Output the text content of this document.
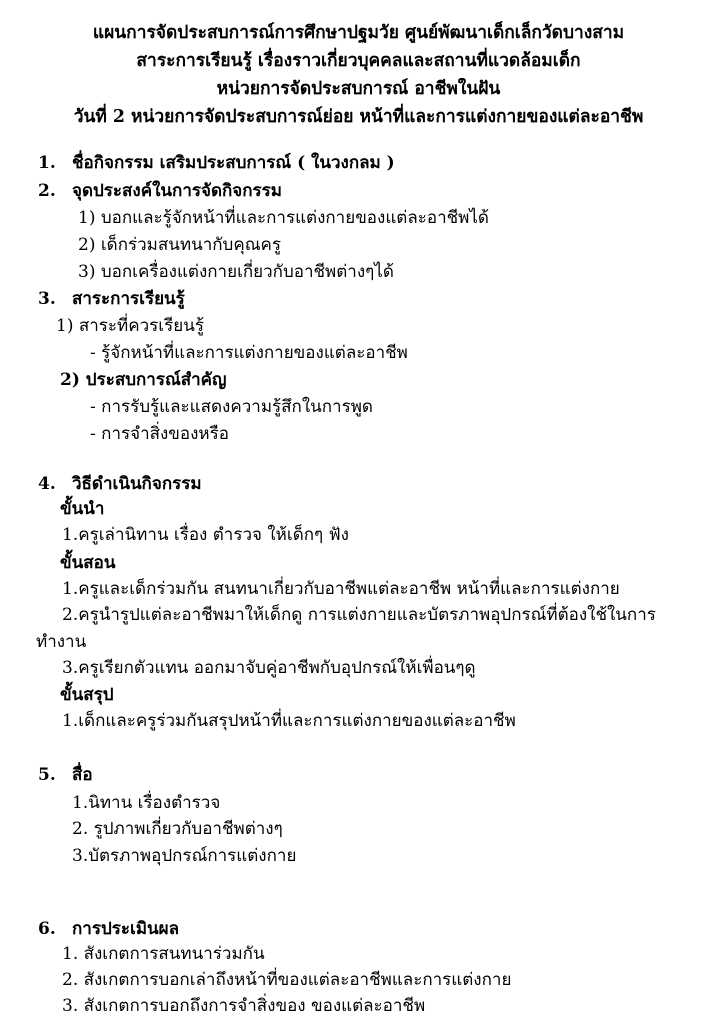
แผนการจัดประสบการณ์การศึกษาปฐมวัย ศูนย์พัฒนาเด็กเล็กวัดบางสาม
สาระการเรียนรู้ เรื่องราวเกี่ยวบุคคลและสถานที่แวดล้อมเด็ก
หน่วยการจัดประสบการณ์ อาชีพในฝัน
วันที่ 2 หน่วยการจัดประสบการณ์ย่อย หน้าที่และการแต่งกายของแต่ละอาชีพ
1. ชื่อกิจกรรม เสริมประสบการณ์ ( ในวงกลม )
2. จุดประสงค์ในการจัดกิจกรรม
1) บอกและรู้จักหน้าที่และการแต่งกายของแต่ละอาชีพได้
2) เด็กร่วมสนทนากับคุณครู
3) บอกเครื่องแต่งกายเกี่ยวกับอาชีพต่างๆได้
3. สาระการเรียนรู้
1) สาระที่ควรเรียนรู้
- รู้จักหน้าที่และการแต่งกายของแต่ละอาชีพ
2) ประสบการณ์สำคัญ
- การรับรู้และแสดงความรู้สึกในการพูด
- การจำสิ่งของหรือ
4. วิธีดำเนินกิจกรรม
ขั้นนำ
1.ครูเล่านิทาน เรื่อง ตำรวจ ให้เด็กๆ ฟัง
ขั้นสอน
1.ครูและเด็กร่วมกัน สนทนาเกี่ยวกับอาชีพแต่ละอาชีพ หน้าที่และการแต่งกาย
2.ครูนำรูปแต่ละอาชีพมาให้เด็กดู การแต่งกายและบัตรภาพอุปกรณ์ที่ต้องใช้ในการ
ทำงาน
3.ครูเรียกตัวแทน ออกมาจับคู่อาชีพกับอุปกรณ์ให้เพื่อนๆดู
ขั้นสรุป
1.เด็กและครูร่วมกันสรุปหน้าที่และการแต่งกายของแต่ละอาชีพ
5. สื่อ
1.นิทาน เรื่องตำรวจ
2. รูปภาพเกี่ยวกับอาชีพต่างๆ
3.บัตรภาพอุปกรณ์การแต่งกาย
6. การประเมินผล
1. สังเกตการสนทนาร่วมกัน
2. สังเกตการบอกเล่าถึงหน้าที่ของแต่ละอาชีพและการแต่งกาย
3. สังเกตการบอกถึงการจำสิ่งของ ของแต่ละอาชีพ
